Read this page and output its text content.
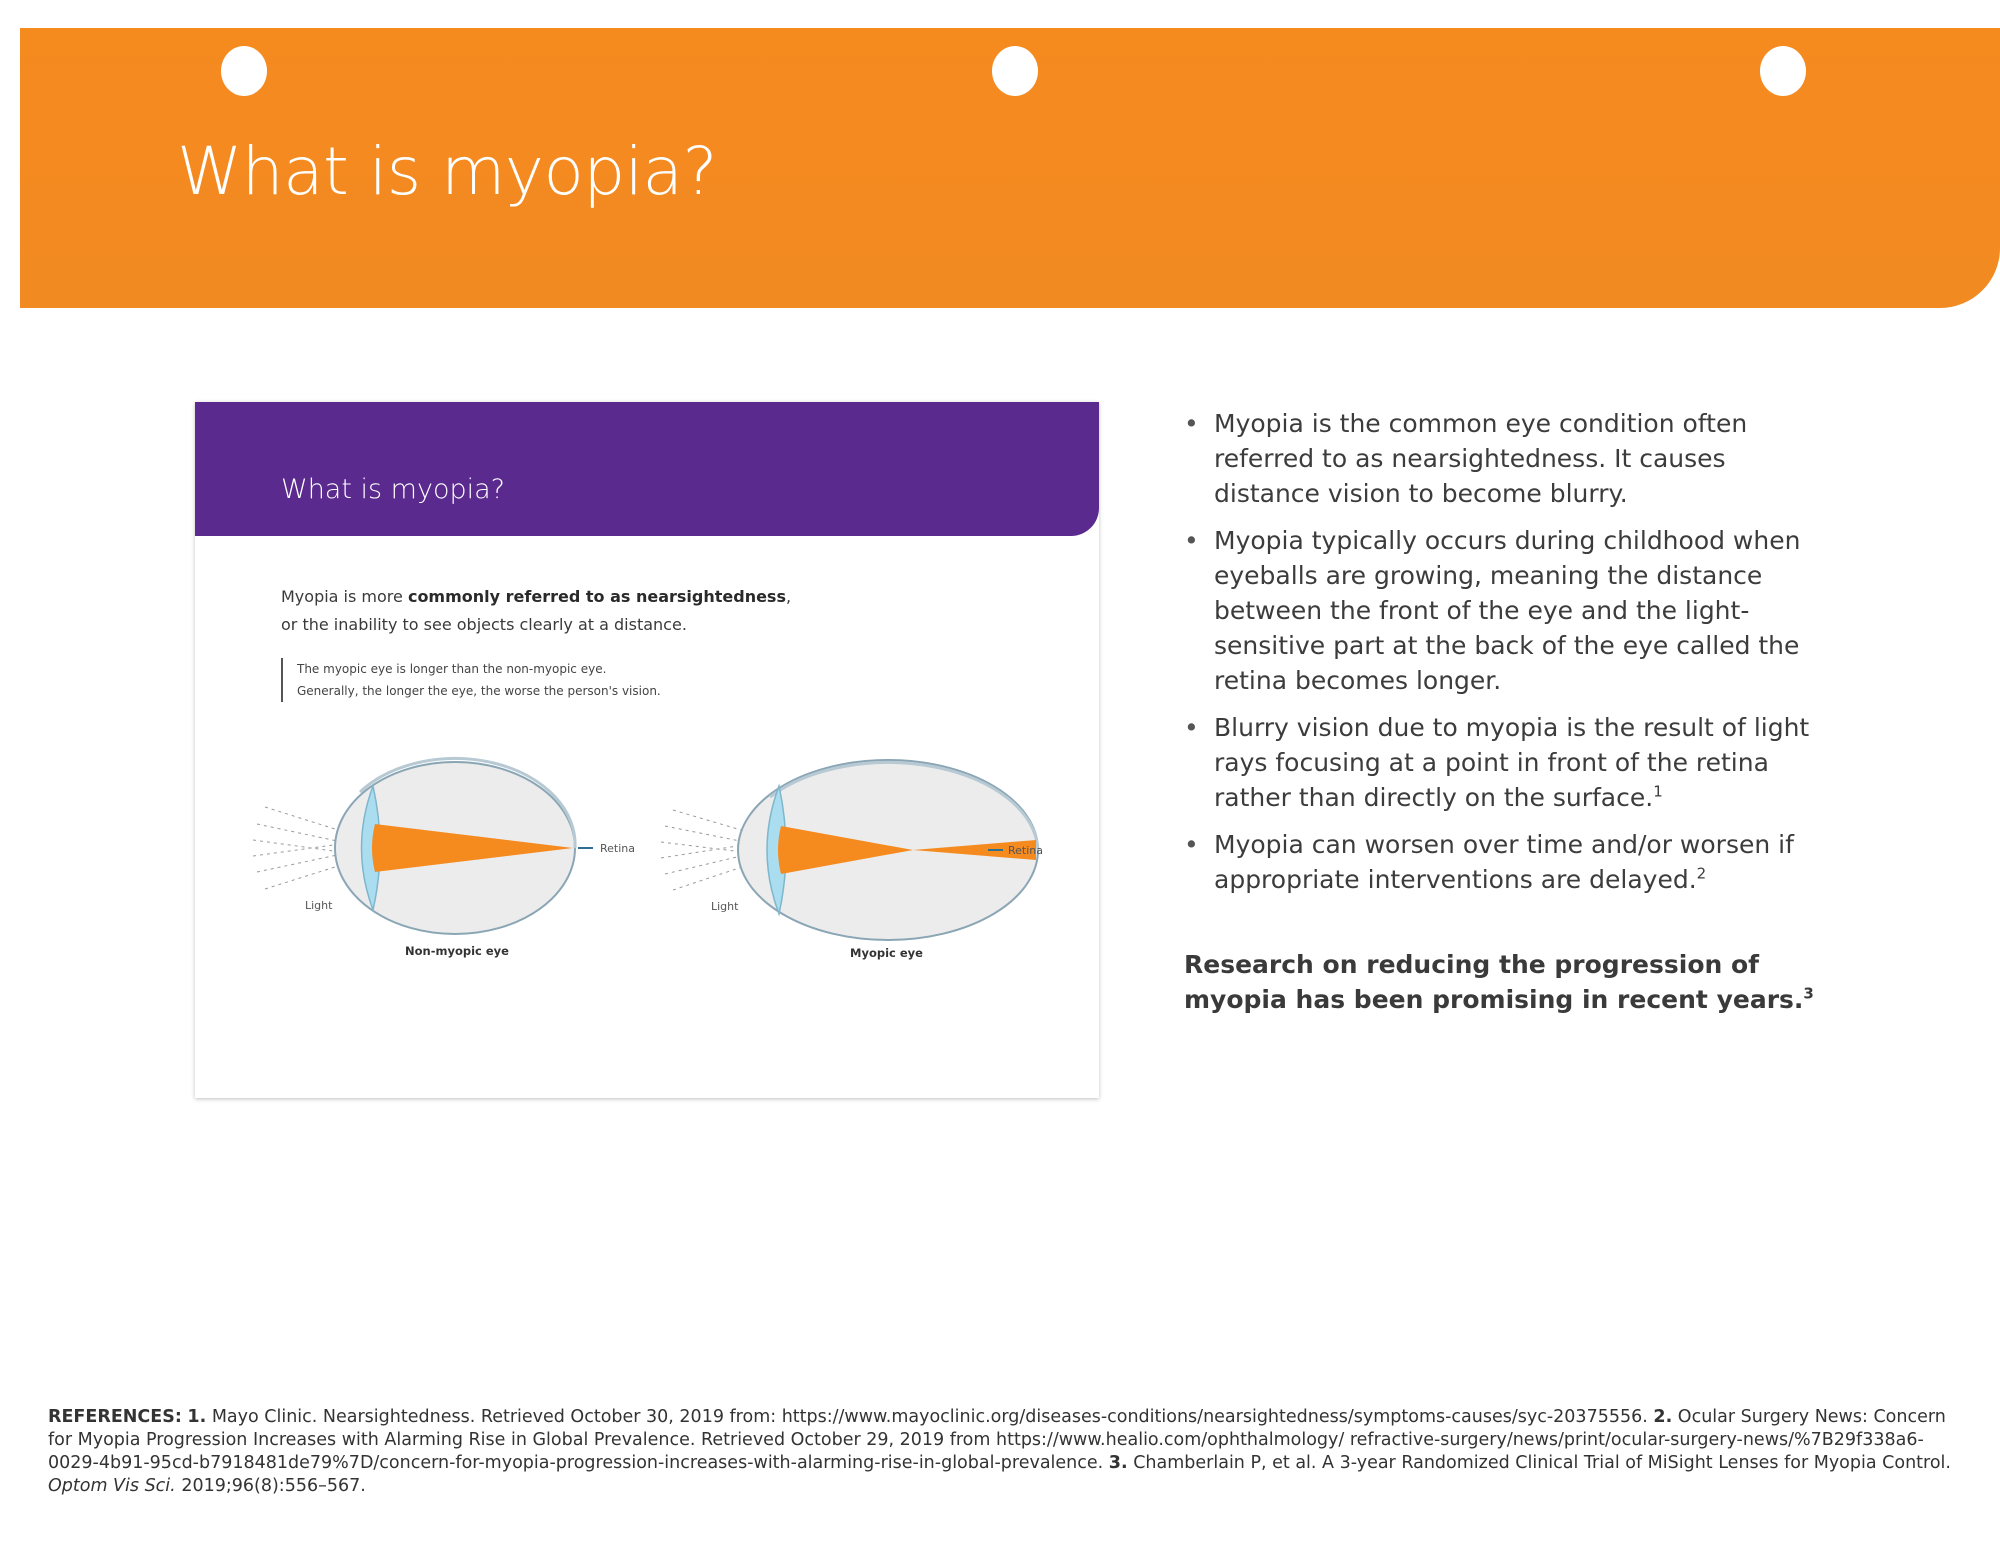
What is myopia?
What is myopia?
Myopia is more commonly referred to as nearsightedness,
or the inability to see objects clearly at a distance.
The myopic eye is longer than the non-myopic eye.
Generally, the longer the eye, the worse the person's vision.
Retina
Light
Non-myopic eye
Retina
Light
Myopic eye
• Myopia is the common eye condition often referred to as nearsightedness. It causes distance vision to become blurry.
• Myopia typically occurs during childhood when eyeballs are growing, meaning the distance between the front of the eye and the light-sensitive part at the back of the eye called the retina becomes longer.
• Blurry vision due to myopia is the result of light rays focusing at a point in front of the retina rather than directly on the surface.$^1$
• Myopia can worsen over time and/or worsen if appropriate interventions are delayed.$^2$
Research on reducing the progression of myopia has been promising in recent years.$^3$
REFERENCES: 1. Mayo Clinic. Nearsightedness. Retrieved October 30, 2019 from: https://www.mayoclinic.org/diseases-conditions/nearsightedness/symptoms-causes/syc-20375556. 2. Ocular Surgery News: Concern for Myopia Progression Increases with Alarming Rise in Global Prevalence. Retrieved October 29, 2019 from https://www.healio.com/ophthalmology/ refractive-surgery/news/print/ocular-surgery-news/%7B29f338a6-0029-4b91-95cd-b7918481de79%7D/concern-for-myopia-progression-increases-with-alarming-rise-in-global-prevalence. 3. Chamberlain P, et al. A 3-year Randomized Clinical Trial of MiSight Lenses for Myopia Control. Optom Vis Sci. 2019;96(8):556–567.
